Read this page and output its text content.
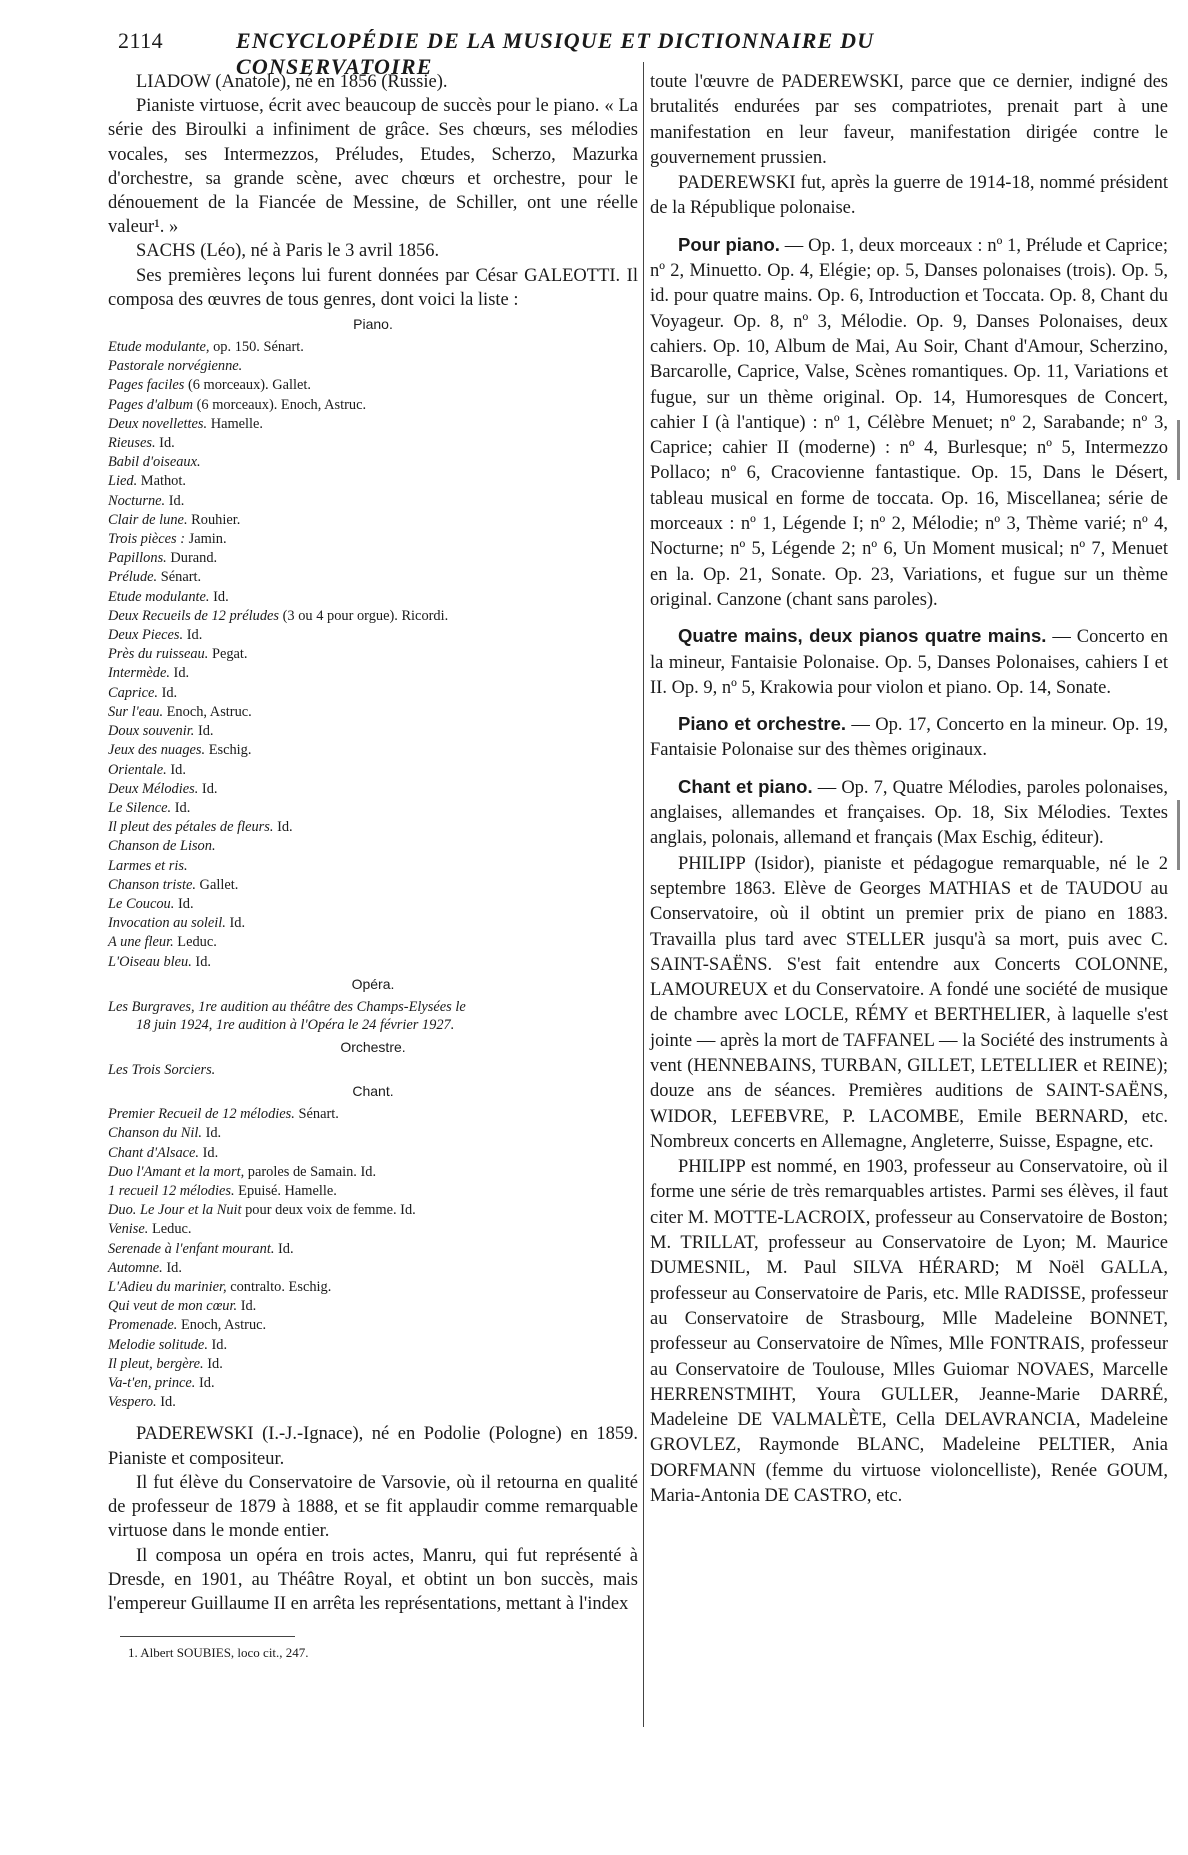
2114	ENCYCLOPÉDIE DE LA MUSIQUE ET DICTIONNAIRE DU CONSERVATOIRE

LIADOW (Anatole), né en 1856 (Russie).

Pianiste virtuose, écrit avec beaucoup de succès pour le piano. « La série des Biroulki a infiniment de grâce. Ses chœurs, ses mélodies vocales, ses Intermezzos, Préludes, Etudes, Scherzo, Mazurka d'orchestre, sa grande scène, avec chœurs et orchestre, pour le dénouement de la Fiancée de Messine, de Schiller, ont une réelle valeur¹. »

SACHS (Léo), né à Paris le 3 avril 1856.

Ses premières leçons lui furent données par César GALEOTTI. Il composa des œuvres de tous genres, dont voici la liste :

Piano.
Etude modulante, op. 150. Sénart.
Pastorale norvégienne.
Pages faciles (6 morceaux). Gallet.
Pages d'album (6 morceaux). Enoch, Astruc.
Deux novellettes. Hamelle.
Rieuses. Id.
Babil d'oiseaux.
Lied. Mathot.
Nocturne. Id.
Clair de lune. Rouhier.
Trois pièces : Jamin.
Papillons. Durand.
Prélude. Sénart.
Etude modulante. Id.
Deux Recueils de 12 préludes (3 ou 4 pour orgue). Ricordi.
Deux Pieces. Id.
Près du ruisseau. Pegat.
Intermède. Id.
Caprice. Id.
Sur l'eau. Enoch, Astruc.
Doux souvenir. Id.
Jeux des nuages. Eschig.
Orientale. Id.
Deux Mélodies. Id.
Le Silence. Id.
Il pleut des pétales de fleurs. Id.
Chanson de Lison.
Larmes et ris.
Chanson triste. Gallet.
Le Coucou. Id.
Invocation au soleil. Id.
A une fleur. Leduc.
L'Oiseau bleu. Id.
Opéra.
Les Burgraves, 1re audition au théâtre des Champs-Elysées le
18 juin 1924, 1re audition à l'Opéra le 24 février 1927.
Orchestre.
Les Trois Sorciers.
Chant.
Premier Recueil de 12 mélodies. Sénart.
Chanson du Nil. Id.
Chant d'Alsace. Id.
Duo l'Amant et la mort, paroles de Samain. Id.
1 recueil 12 mélodies. Epuisé. Hamelle.
Duo. Le Jour et la Nuit pour deux voix de femme. Id.
Venise. Leduc.
Serenade à l'enfant mourant. Id.
Automne. Id.
L'Adieu du marinier, contralto. Eschig.
Qui veut de mon cœur. Id.
Promenade. Enoch, Astruc.
Melodie solitude. Id.
Il pleut, bergère. Id.
Va-t'en, prince. Id.
Vespero. Id.

PADEREWSKI (I.-J.-Ignace), né en Podolie (Pologne) en 1859. Pianiste et compositeur.

Il fut élève du Conservatoire de Varsovie, où il retourna en qualité de professeur de 1879 à 1888, et se fit applaudir comme remarquable virtuose dans le monde entier.

Il composa un opéra en trois actes, Manru, qui fut représenté à Dresde, en 1901, au Théâtre Royal, et obtint un bon succès, mais l'empereur Guillaume II en arrêta les représentations, mettant à l'index

1. Albert SOUBIES, loco cit., 247.

toute l'œuvre de PADEREWSKI, parce que ce dernier, indigné des brutalités endurées par ses compatriotes, prenait part à une manifestation en leur faveur, manifestation dirigée contre le gouvernement prussien.

PADEREWSKI fut, après la guerre de 1914-18, nommé président de la République polonaise.

Pour piano. — Op. 1, deux morceaux : nº 1, Prélude et Caprice; nº 2, Minuetto. Op. 4, Elégie; op. 5, Danses polonaises (trois). Op. 5, id. pour quatre mains. Op. 6, Introduction et Toccata. Op. 8, Chant du Voyageur. Op. 8, nº 3, Mélodie. Op. 9, Danses Polonaises, deux cahiers. Op. 10, Album de Mai, Au Soir, Chant d'Amour, Scherzino, Barcarolle, Caprice, Valse, Scènes romantiques. Op. 11, Variations et fugue, sur un thème original. Op. 14, Humoresques de Concert, cahier I (à l'antique) : nº 1, Célèbre Menuet; nº 2, Sarabande; nº 3, Caprice; cahier II (moderne) : nº 4, Burlesque; nº 5, Intermezzo Pollaco; nº 6, Cracovienne fantastique. Op. 15, Dans le Désert, tableau musical en forme de toccata. Op. 16, Miscellanea; série de morceaux : nº 1, Légende I; nº 2, Mélodie; nº 3, Thème varié; nº 4, Nocturne; nº 5, Légende 2; nº 6, Un Moment musical; nº 7, Menuet en la. Op. 21, Sonate. Op. 23, Variations, et fugue sur un thème original. Canzone (chant sans paroles).

Quatre mains, deux pianos quatre mains. — Concerto en la mineur, Fantaisie Polonaise. Op. 5, Danses Polonaises, cahiers I et II. Op. 9, nº 5, Krakowia pour violon et piano. Op. 14, Sonate.

Piano et orchestre. — Op. 17, Concerto en la mineur. Op. 19, Fantaisie Polonaise sur des thèmes originaux.

Chant et piano. — Op. 7, Quatre Mélodies, paroles polonaises, anglaises, allemandes et françaises. Op. 18, Six Mélodies. Textes anglais, polonais, allemand et français (Max Eschig, éditeur).

PHILIPP (Isidor), pianiste et pédagogue remarquable, né le 2 septembre 1863. Elève de Georges MATHIAS et de TAUDOU au Conservatoire, où il obtint un premier prix de piano en 1883. Travailla plus tard avec STELLER jusqu'à sa mort, puis avec C. SAINT-SAËNS. S'est fait entendre aux Concerts COLONNE, LAMOUREUX et du Conservatoire. A fondé une société de musique de chambre avec LOCLE, RÉMY et BERTHELIER, à laquelle s'est jointe — après la mort de TAFFANEL — la Société des instruments à vent (HENNEBAINS, TURBAN, GILLET, LETELLIER et REINE); douze ans de séances. Premières auditions de SAINT-SAËNS, WIDOR, LEFEBVRE, P. LACOMBE, Emile BERNARD, etc. Nombreux concerts en Allemagne, Angleterre, Suisse, Espagne, etc.

PHILIPP est nommé, en 1903, professeur au Conservatoire, où il forme une série de très remarquables artistes. Parmi ses élèves, il faut citer M. MOTTE-LACROIX, professeur au Conservatoire de Boston; M. TRILLAT, professeur au Conservatoire de Lyon; M. Maurice DUMESNIL, M. Paul SILVA HÉRARD; M Noël GALLA, professeur au Conservatoire de Paris, etc. Mlle RADISSE, professeur au Conservatoire de Strasbourg, Mlle Madeleine BONNET, professeur au Conservatoire de Nîmes, Mlle FONTRAIS, professeur au Conservatoire de Toulouse, Mlles Guiomar NOVAES, Marcelle HERRENSTMIHT, Youra GULLER, Jeanne-Marie DARRÉ, Madeleine DE VALMALÈTE, Cella DELAVRANCIA, Madeleine GROVLEZ, Raymonde BLANC, Madeleine PELTIER, Ania DORFMANN (femme du virtuose violoncelliste), Renée GOUM, Maria-Antonia DE CASTRO, etc.
